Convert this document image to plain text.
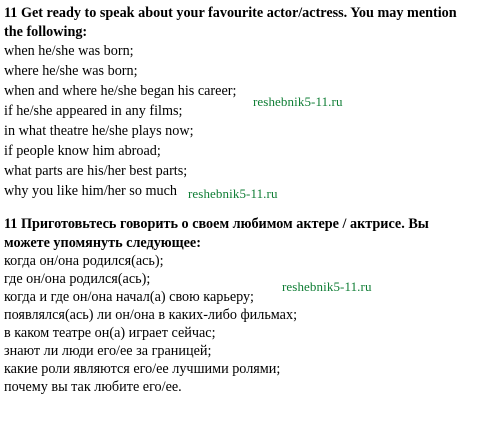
11 Get ready to speak about your favourite actor/actress. You may mention
the following:
when he/she was born;
where he/she was born;
when and where he/she began his career;
if he/she appeared in any films;
in what theatre he/she plays now;
if people know him abroad;
what parts are his/her best parts;
why you like him/her so much
11 Приготовьтесь говорить о своем любимом актере / актрисе. Вы
можете упомянуть следующее:
когда он/она родился(ась);
где он/она родился(ась);
когда и где он/она начал(а) свою карьеру;
появлялся(ась) ли он/она в каких-либо фильмах;
в каком театре он(а) играет сейчас;
знают ли люди его/ее за границей;
какие роли являются его/ее лучшими ролями;
почему вы так любите его/ее.
reshebnik5-11.ru
reshebnik5-11.ru
reshebnik5-11.ru
